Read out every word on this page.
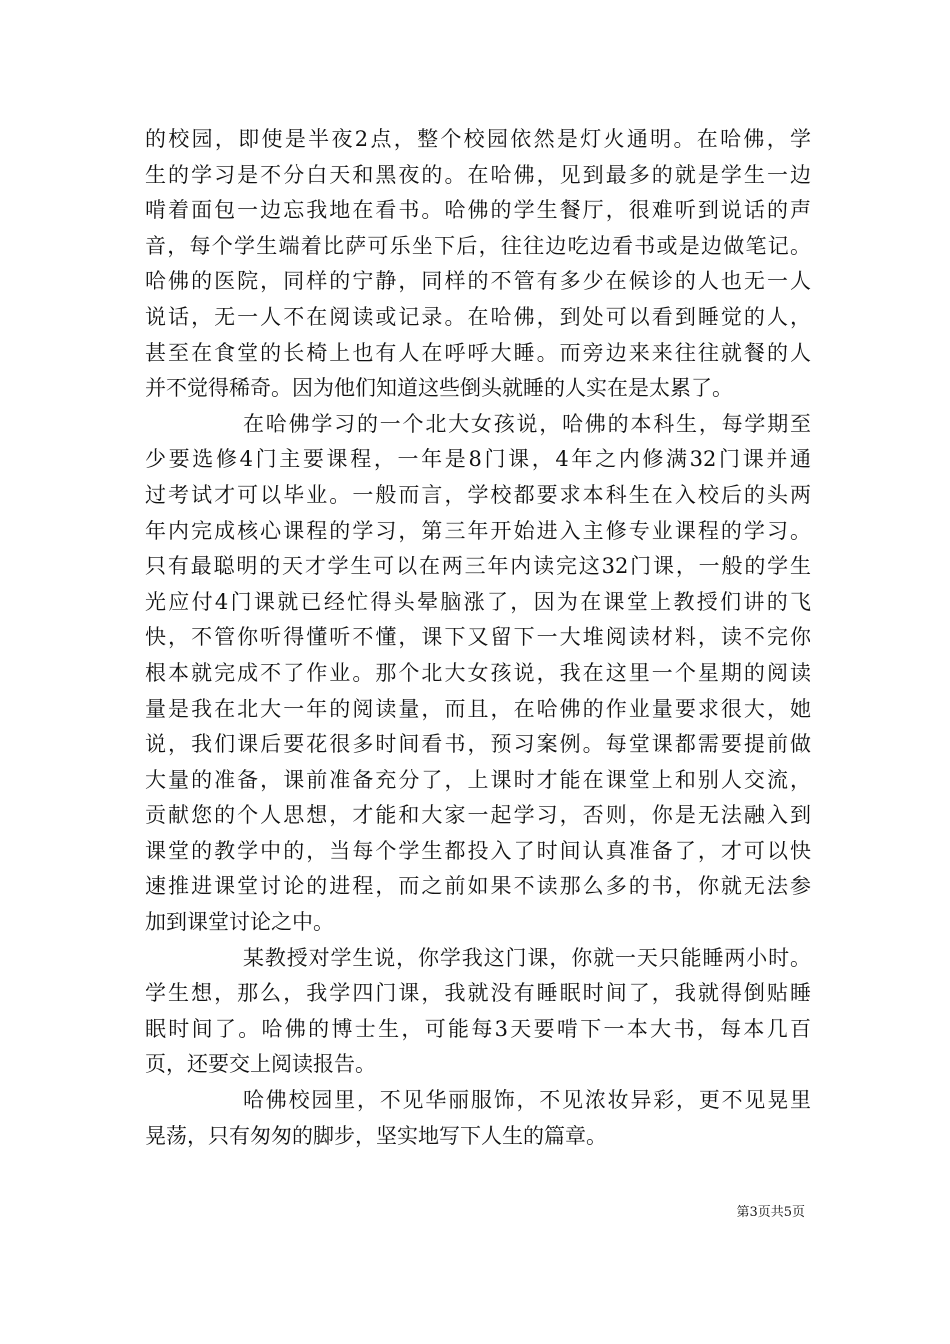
的校园，即使是半夜2点，整个校园依然是灯火通明。在哈佛，学
生的学习是不分白天和黑夜的。在哈佛，见到最多的就是学生一边
啃着面包一边忘我地在看书。哈佛的学生餐厅，很难听到说话的声
音，每个学生端着比萨可乐坐下后，往往边吃边看书或是边做笔记。
哈佛的医院，同样的宁静，同样的不管有多少在候诊的人也无一人
说话，无一人不在阅读或记录。在哈佛，到处可以看到睡觉的人，
甚至在食堂的长椅上也有人在呼呼大睡。而旁边来来往往就餐的人
并不觉得稀奇。因为他们知道这些倒头就睡的人实在是太累了。
在哈佛学习的一个北大女孩说，哈佛的本科生，每学期至
少要选修4门主要课程，一年是8门课，4年之内修满32门课并通
过考试才可以毕业。一般而言，学校都要求本科生在入校后的头两
年内完成核心课程的学习，第三年开始进入主修专业课程的学习。
只有最聪明的天才学生可以在两三年内读完这32门课，一般的学生
光应付4门课就已经忙得头晕脑涨了，因为在课堂上教授们讲的飞
快，不管你听得懂听不懂，课下又留下一大堆阅读材料，读不完你
根本就完成不了作业。那个北大女孩说，我在这里一个星期的阅读
量是我在北大一年的阅读量，而且，在哈佛的作业量要求很大，她
说，我们课后要花很多时间看书，预习案例。每堂课都需要提前做
大量的准备，课前准备充分了，上课时才能在课堂上和别人交流，
贡献您的个人思想，才能和大家一起学习，否则，你是无法融入到
课堂的教学中的，当每个学生都投入了时间认真准备了，才可以快
速推进课堂讨论的进程，而之前如果不读那么多的书，你就无法参
加到课堂讨论之中。
某教授对学生说，你学我这门课，你就一天只能睡两小时。
学生想，那么，我学四门课，我就没有睡眠时间了，我就得倒贴睡
眠时间了。哈佛的博士生，可能每3天要啃下一本大书，每本几百
页，还要交上阅读报告。
哈佛校园里，不见华丽服饰，不见浓妆异彩，更不见晃里
晃荡，只有匆匆的脚步，坚实地写下人生的篇章。
第3页共5页
